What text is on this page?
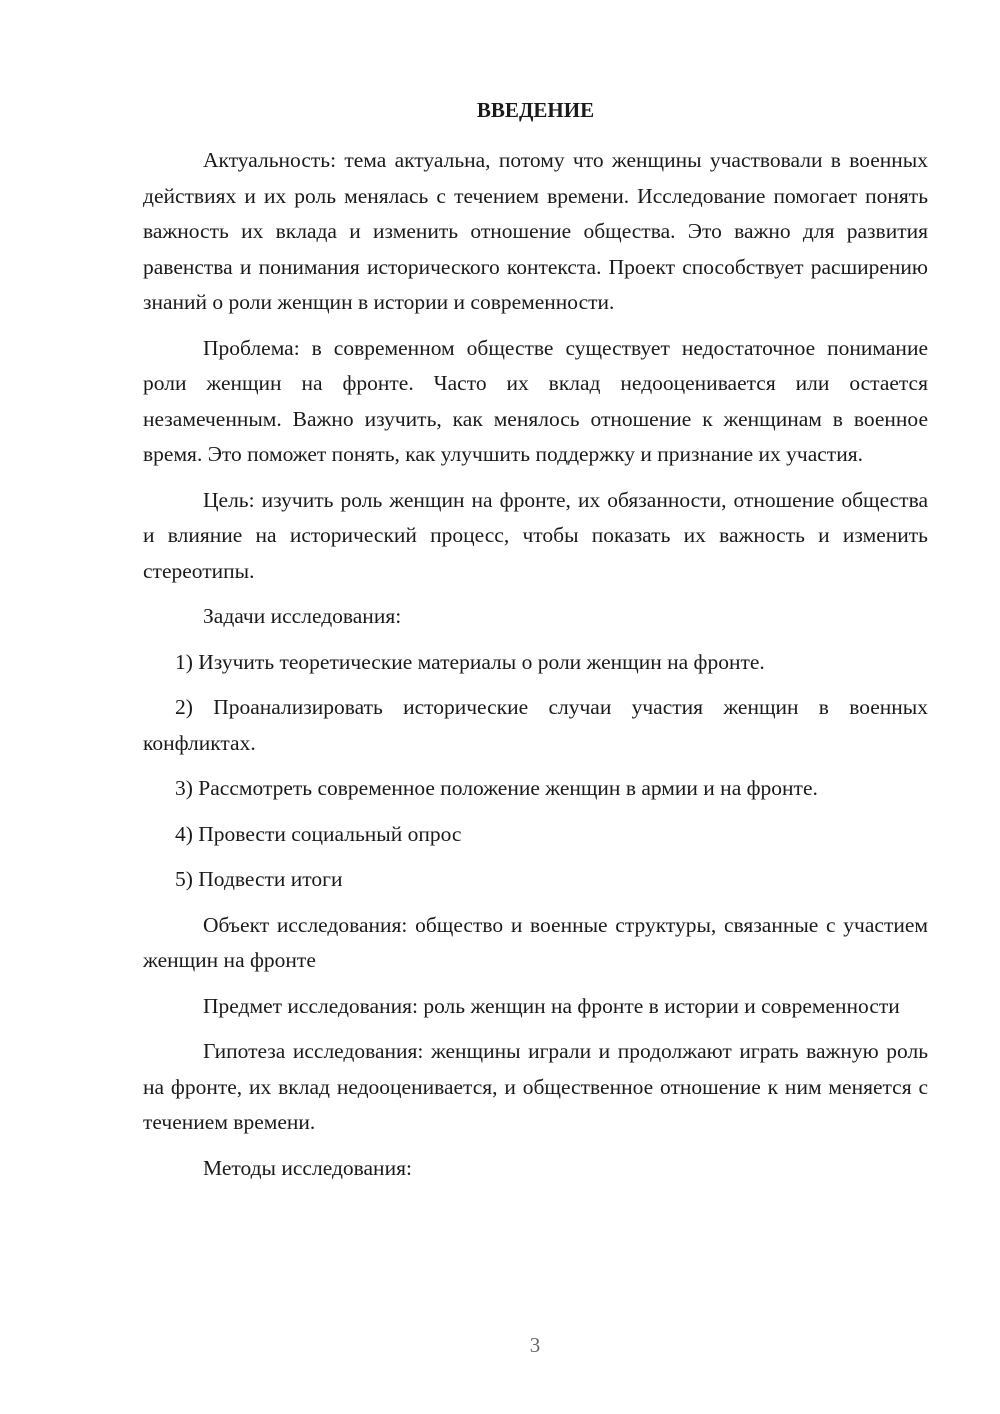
ВВЕДЕНИЕ

Актуальность: тема актуальна, потому что женщины участвовали в военных действиях и их роль менялась с течением времени. Исследование помогает понять важность их вклада и изменить отношение общества. Это важно для развития равенства и понимания исторического контекста. Проект способствует расширению знаний о роли женщин в истории и современности.

Проблема: в современном обществе существует недостаточное понимание роли женщин на фронте. Часто их вклад недооценивается или остается незамеченным. Важно изучить, как менялось отношение к женщинам в военное время. Это поможет понять, как улучшить поддержку и признание их участия.

Цель: изучить роль женщин на фронте, их обязанности, отношение общества и влияние на исторический процесс, чтобы показать их важность и изменить стереотипы.

Задачи исследования:

1) Изучить теоретические материалы о роли женщин на фронте.

2) Проанализировать исторические случаи участия женщин в военных конфликтах.

3) Рассмотреть современное положение женщин в армии и на фронте.

4) Провести социальный опрос

5) Подвести итоги

Объект исследования: общество и военные структуры, связанные с участием женщин на фронте

Предмет исследования: роль женщин на фронте в истории и современности

Гипотеза исследования: женщины играли и продолжают играть важную роль на фронте, их вклад недооценивается, и общественное отношение к ним меняется с течением времени.

Методы исследования:

3
